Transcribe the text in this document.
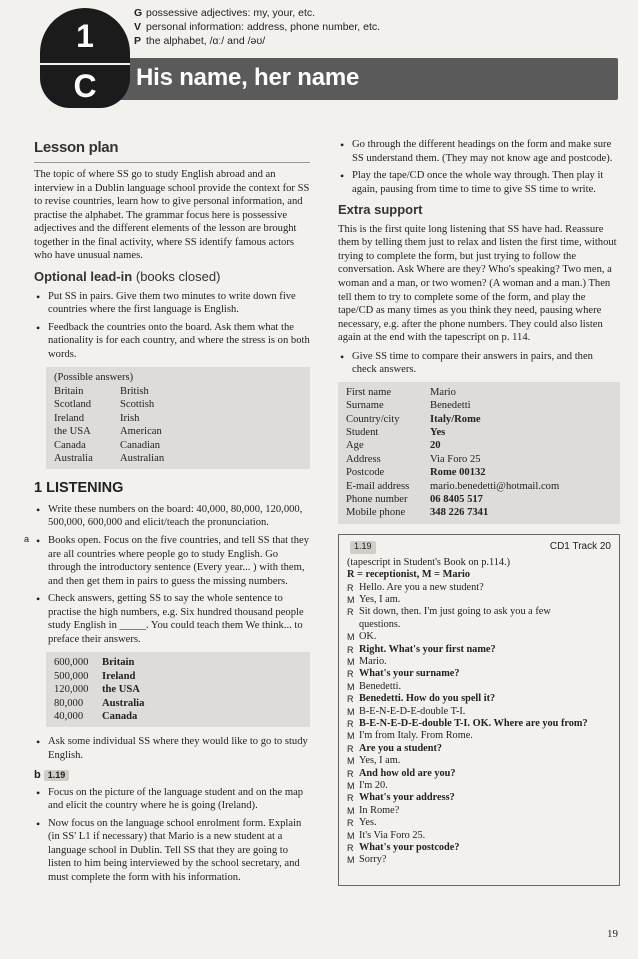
G possessive adjectives: my, your, etc.
V personal information: address, phone number, etc.
P the alphabet, /ɑː/ and /əʊ/
His name, her name
1
C
Lesson plan

The topic of where SS go to study English abroad and an interview in a Dublin language school provide the context for SS to revise countries, learn how to give personal information, and practise the alphabet. The grammar focus here is possessive adjectives and the different elements of the lesson are brought together in the final activity, where SS identify famous actors who have unusual names.

Optional lead-in (books closed)
• Put SS in pairs. Give them two minutes to write down five countries where the first language is English.
• Feedback the countries onto the board. Ask them what the nationality is for each country, and where the stress is on both words.
(Possible answers)
Britain	British
Scotland	Scottish
Ireland	Irish
the USA	American
Canada	Canadian
Australia	Australian
1 LISTENING
• Write these numbers on the board: 40,000, 80,000, 120,000, 500,000, 600,000 and elicit/teach the pronunciation.
• a Books open. Focus on the five countries, and tell SS that they are all countries where people go to study English. Go through the introductory sentence (Every year... ) with them, and then get them in pairs to guess the missing numbers.
• Check answers, getting SS to say the whole sentence to practise the high numbers, e.g. Six hundred thousand people study English in _____. You could teach them We think... to preface their answers.
600,000	Britain
500,000	Ireland
120,000	the USA
80,000	Australia
40,000	Canada
• Ask some individual SS where they would like to go to study English.
b 1.19
• Focus on the picture of the language student and on the map and elicit the country where he is going (Ireland).
• Now focus on the language school enrolment form. Explain (in SS' L1 if necessary) that Mario is a new student at a language school in Dublin. Tell SS that they are going to listen to him being interviewed by the school secretary, and must complete the form with his information.
• Go through the different headings on the form and make sure SS understand them. (They may not know age and postcode).
• Play the tape/CD once the whole way through. Then play it again, pausing from time to time to give SS time to write.
Extra support

This is the first quite long listening that SS have had. Reassure them by telling them just to relax and listen the first time, without trying to complete the form, but just trying to follow the conversation. Ask Where are they? Who's speaking? Two men, a woman and a man, or two women? (A woman and a man.) Then tell them to try to complete some of the form, and play the tape/CD as many times as you think they need, pausing where necessary, e.g. after the phone numbers. They could also listen again at the end with the tapescript on p. 114.

• Give SS time to compare their answers in pairs, and then check answers.
First name	Mario
Surname	Benedetti
Country/city	Italy/Rome
Student	Yes
Age	20
Address	Via Foro 25
Postcode	Rome 00132
E-mail address	mario.benedetti@hotmail.com
Phone number	06 8405 517
Mobile phone	348 226 7341
1.19	CD1 Track 20
(tapescript in Student's Book on p.114.)
R = receptionist, M = Mario
R Hello. Are you a new student?
M Yes, I am.
R Sit down, then. I'm just going to ask you a few
questions.
M OK.
R Right. What's your first name?
M Mario.
R What's your surname?
M Benedetti.
R Benedetti. How do you spell it?
M B-E-N-E-D-E-double T-I.
R B-E-N-E-D-E-double T-I. OK. Where are you from?
M I'm from Italy. From Rome.
R Are you a student?
M Yes, I am.
R And how old are you?
M I'm 20.
R What's your address?
M In Rome?
R Yes.
M It's Via Foro 25.
R What's your postcode?
M Sorry?
19
